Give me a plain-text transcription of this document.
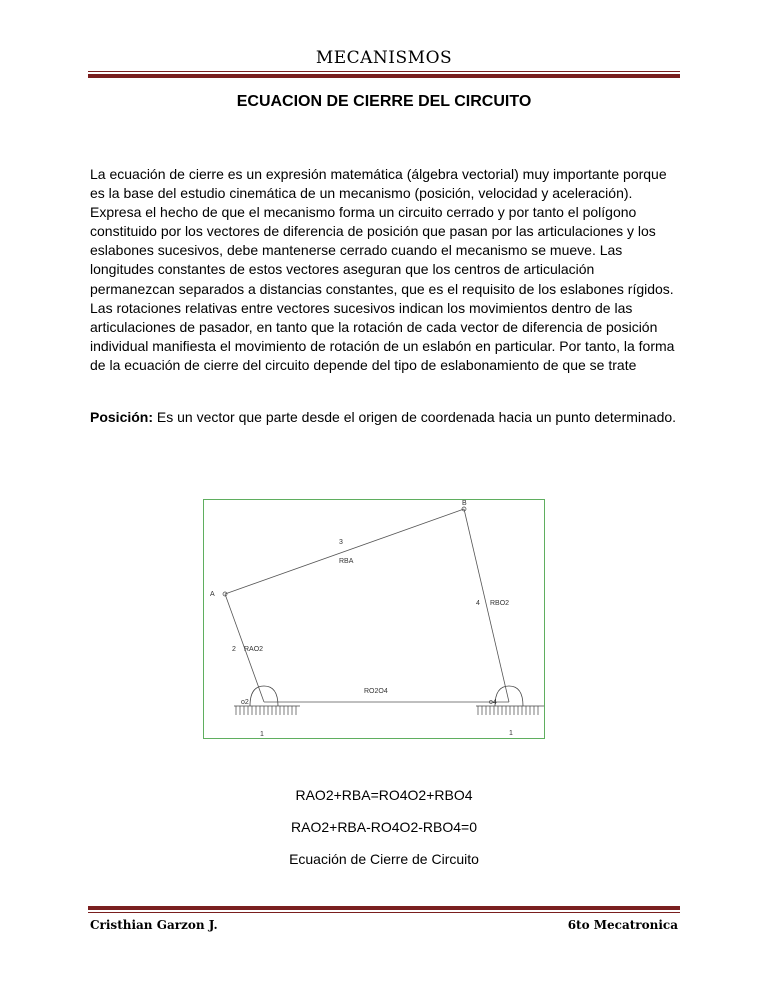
MECANISMOS
ECUACION DE CIERRE DEL CIRCUITO
La ecuación de cierre es un expresión matemática (álgebra vectorial) muy importante porque es la base del estudio cinemática de un mecanismo (posición, velocidad y aceleración). Expresa el hecho de que el mecanismo forma un circuito cerrado y por tanto el polígono constituido por los vectores de diferencia de posición que pasan por las articulaciones y los eslabones sucesivos, debe mantenerse cerrado cuando el mecanismo se mueve. Las longitudes constantes de estos vectores aseguran que los centros de articulación permanezcan separados a distancias constantes, que es el requisito de los eslabones rígidos. Las rotaciones relativas entre vectores sucesivos indican los movimientos dentro de las articulaciones de pasador, en tanto que la rotación de cada vector de diferencia de posición individual manifiesta el movimiento de rotación de un eslabón en particular. Por tanto, la forma de la ecuación de cierre del circuito depende del tipo de eslabonamiento de que se trate
Posición: Es un vector que parte desde el origen de coordenada hacia un punto determinado.
A
B
3
RBA
4 RBO2
2 RAO2
RO2O4
o2	o4
1	1
RAO2+RBA=RO4O2+RBO4
RAO2+RBA-RO4O2-RBO4=0
Ecuación de Cierre de Circuito
Cristhian Garzon J.	6to Mecatronica
